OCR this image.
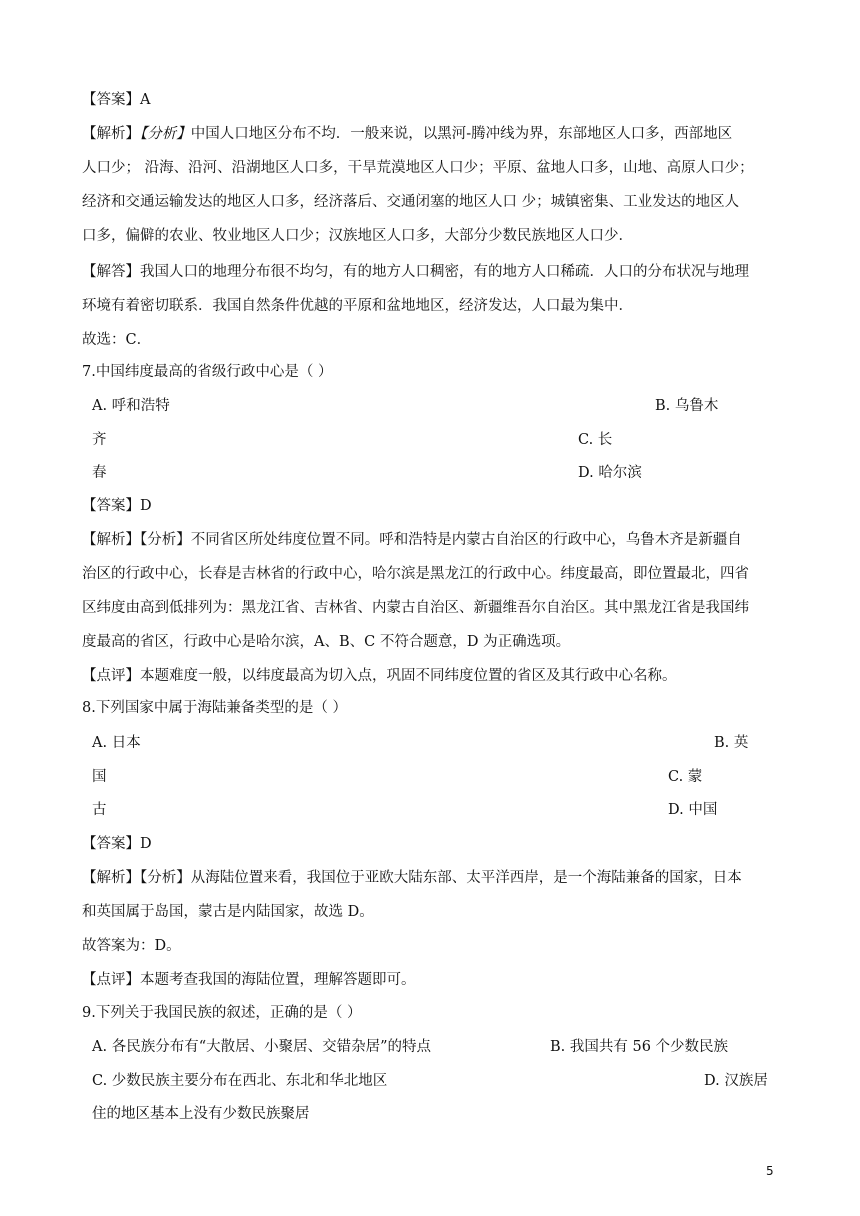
【答案】A
【解析】【分析】中国人口地区分布不均．一般来说，以黑河-腾冲线为界，东部地区人口多，西部地区
人口少； 沿海、沿河、沿湖地区人口多，干旱荒漠地区人口少；平原、盆地人口多，山地、高原人口少；
经济和交通运输发达的地区人口多，经济落后、交通闭塞的地区人口 少；城镇密集、工业发达的地区人
口多，偏僻的农业、牧业地区人口少；汉族地区人口多，大部分少数民族地区人口少．
【解答】我国人口的地理分布很不均匀，有的地方人口稠密，有的地方人口稀疏．人口的分布状况与地理
环境有着密切联系．我国自然条件优越的平原和盆地地区，经济发达，人口最为集中．
故选：C．
7.中国纬度最高的省级行政中心是（ ）
A. 呼和浩特	B. 乌鲁木
齐	C. 长
春	D. 哈尔滨
【答案】D
【解析】【分析】不同省区所处纬度位置不同。呼和浩特是内蒙古自治区的行政中心，乌鲁木齐是新疆自
治区的行政中心，长春是吉林省的行政中心，哈尔滨是黑龙江的行政中心。纬度最高，即位置最北，四省
区纬度由高到低排列为：黑龙江省、吉林省、内蒙古自治区、新疆维吾尔自治区。其中黑龙江省是我国纬
度最高的省区，行政中心是哈尔滨，A、B、C 不符合题意，D 为正确选项。
【点评】本题难度一般，以纬度最高为切入点，巩固不同纬度位置的省区及其行政中心名称。
8.下列国家中属于海陆兼备类型的是（ ）
A. 日本	B. 英
国	C. 蒙
古	D. 中国
【答案】D
【解析】【分析】从海陆位置来看，我国位于亚欧大陆东部、太平洋西岸，是一个海陆兼备的国家，日本
和英国属于岛国，蒙古是内陆国家，故选 D。
故答案为：D。
【点评】本题考查我国的海陆位置，理解答题即可。
9.下列关于我国民族的叙述，正确的是（ ）
A. 各民族分布有“大散居、小聚居、交错杂居”的特点	B. 我国共有 56 个少数民族
C. 少数民族主要分布在西北、东北和华北地区	D. 汉族居
住的地区基本上没有少数民族聚居
5
